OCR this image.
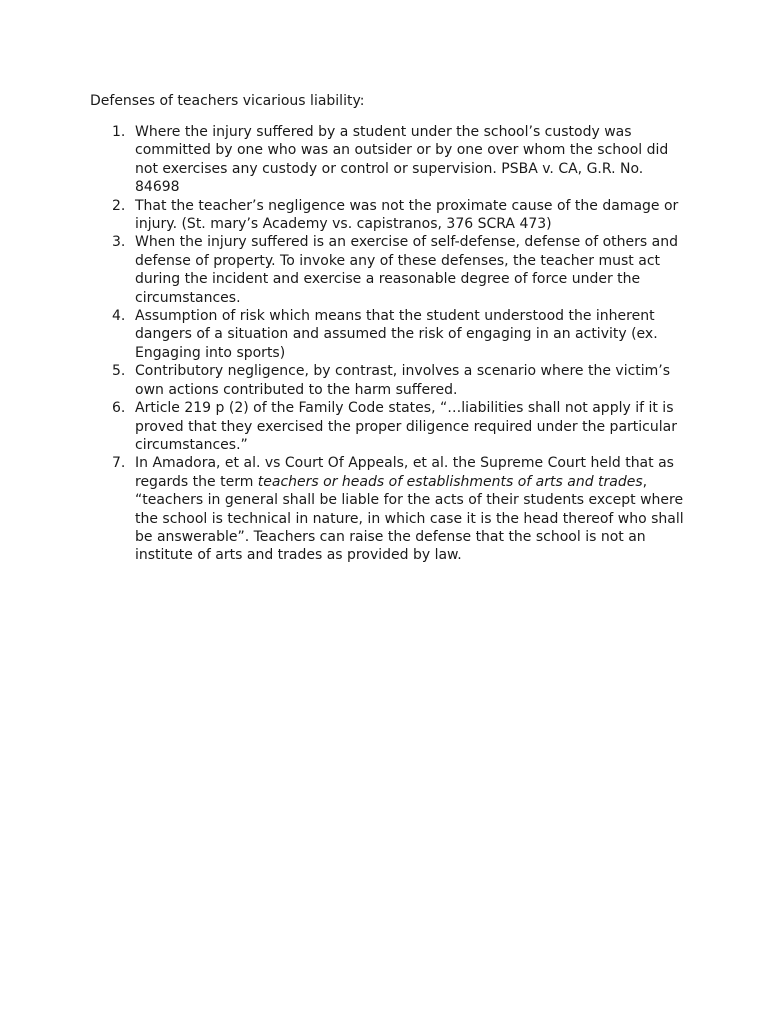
Defenses of teachers vicarious liability:
1. Where the injury suffered by a student under the school’s custody was committed by one who was an outsider or by one over whom the school did not exercises any custody or control or supervision. PSBA v. CA, G.R. No. 84698
2. That the teacher’s negligence was not the proximate cause of the damage or injury. (St. mary’s Academy vs. capistranos, 376 SCRA 473)
3. When the injury suffered is an exercise of self-defense, defense of others and defense of property. To invoke any of these defenses, the teacher must act during the incident and exercise a reasonable degree of force under the circumstances.
4. Assumption of risk which means that the student understood the inherent dangers of a situation and assumed the risk of engaging in an activity (ex. Engaging into sports)
5. Contributory negligence, by contrast, involves a scenario where the victim’s own actions contributed to the harm suffered.
6. Article 219 p (2) of the Family Code states, “…liabilities shall not apply if it is proved that they exercised the proper diligence required under the particular circumstances.”
7. In Amadora, et al. vs Court Of Appeals, et al. the Supreme Court held that as regards the term teachers or heads of establishments of arts and trades, “teachers in general shall be liable for the acts of their students except where the school is technical in nature, in which case it is the head thereof who shall be answerable”. Teachers can raise the defense that the school is not an institute of arts and trades as provided by law.
